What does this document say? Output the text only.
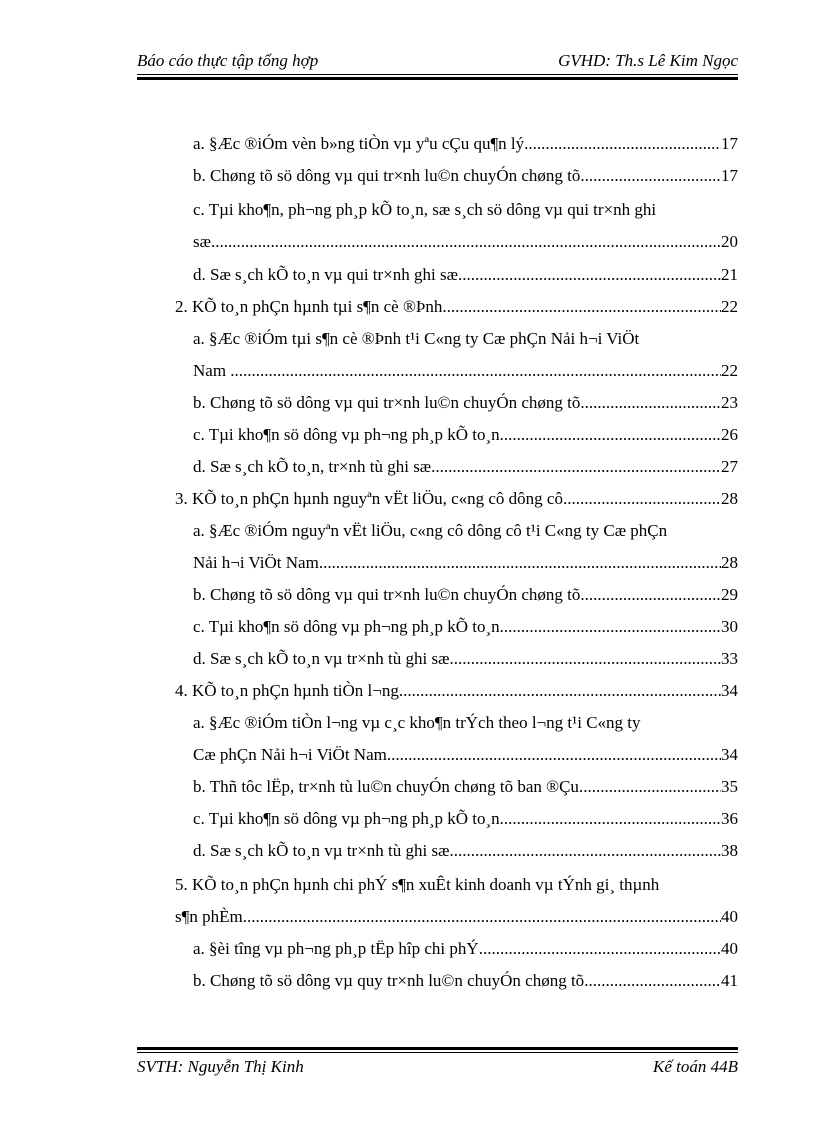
Báo cáo thực tập tổng hợp	GVHD: Th.s Lê Kim Ngọc
a. §Æc ®iÓm vèn b»ng tiÒn vµ yªu cÇu qu¶n lý. .....	17
b. Chøng tõ sö dông vµ qui tr×nh lu©n chuyÓn chøng tõ. .....	17
c. Tµi kho¶n, ph¬ng ph¸p kÕ to¸n, sæ s¸ch sö dông vµ qui tr×nh ghi
sæ. .....	20
d. Sæ s¸ch kÕ to¸n vµ qui tr×nh ghi sæ. .....	21
2. KÕ to¸n phÇn hµnh tµi s¶n cè ®Þnh. .....	22
a. §Æc ®iÓm tµi s¶n cè ®Þnh t¹i C«ng ty Cæ phÇn Nải h¬i ViÖt
Nam . .....	22
b. Chøng tõ sö dông vµ qui tr×nh lu©n chuyÓn chøng tõ. .....	23
c. Tµi kho¶n sö dông vµ ph¬ng ph¸p kÕ to¸n. .....	26
d. Sæ s¸ch kÕ to¸n, tr×nh tù ghi sæ. .....	27
3. KÕ to¸n phÇn hµnh nguyªn vËt liÖu, c«ng cô dông cô. .....	28
a. §Æc ®iÓm nguyªn vËt liÖu, c«ng cô dông cô t¹i C«ng ty Cæ phÇn
Nải h¬i ViÖt Nam. .....	28
b. Chøng tõ sö dông vµ qui tr×nh lu©n chuyÓn chøng tõ. .....	29
c. Tµi kho¶n sö dông vµ ph¬ng ph¸p kÕ to¸n. .....	30
d. Sæ s¸ch kÕ to¸n vµ tr×nh tù ghi sæ. .....	33
4. KÕ to¸n phÇn hµnh tiÒn l¬ng. .....	34
a. §Æc ®iÓm tiÒn l¬ng vµ c¸c kho¶n trÝch theo l¬ng t¹i C«ng ty
Cæ phÇn Nải h¬i ViÖt Nam. .....	34
b. Thñ tôc lËp, tr×nh tù lu©n chuyÓn chøng tõ ban ®Çu. .....	35
c. Tµi kho¶n sö dông vµ ph¬ng ph¸p kÕ to¸n. .....	36
d. Sæ s¸ch kÕ to¸n vµ tr×nh tù ghi sæ. .....	38
5. KÕ to¸n phÇn hµnh chi phÝ s¶n xuÊt kinh doanh vµ tÝnh gi¸ thµnh
s¶n phÈm .....	40
a. §èi tîng vµ ph¬ng ph¸p tËp hîp chi phÝ .....	40
b. Chøng tõ sö dông vµ quy tr×nh lu©n chuyÓn chøng tõ .....	41
SVTH: Nguyễn Thị Kinh	Kế toán 44B
